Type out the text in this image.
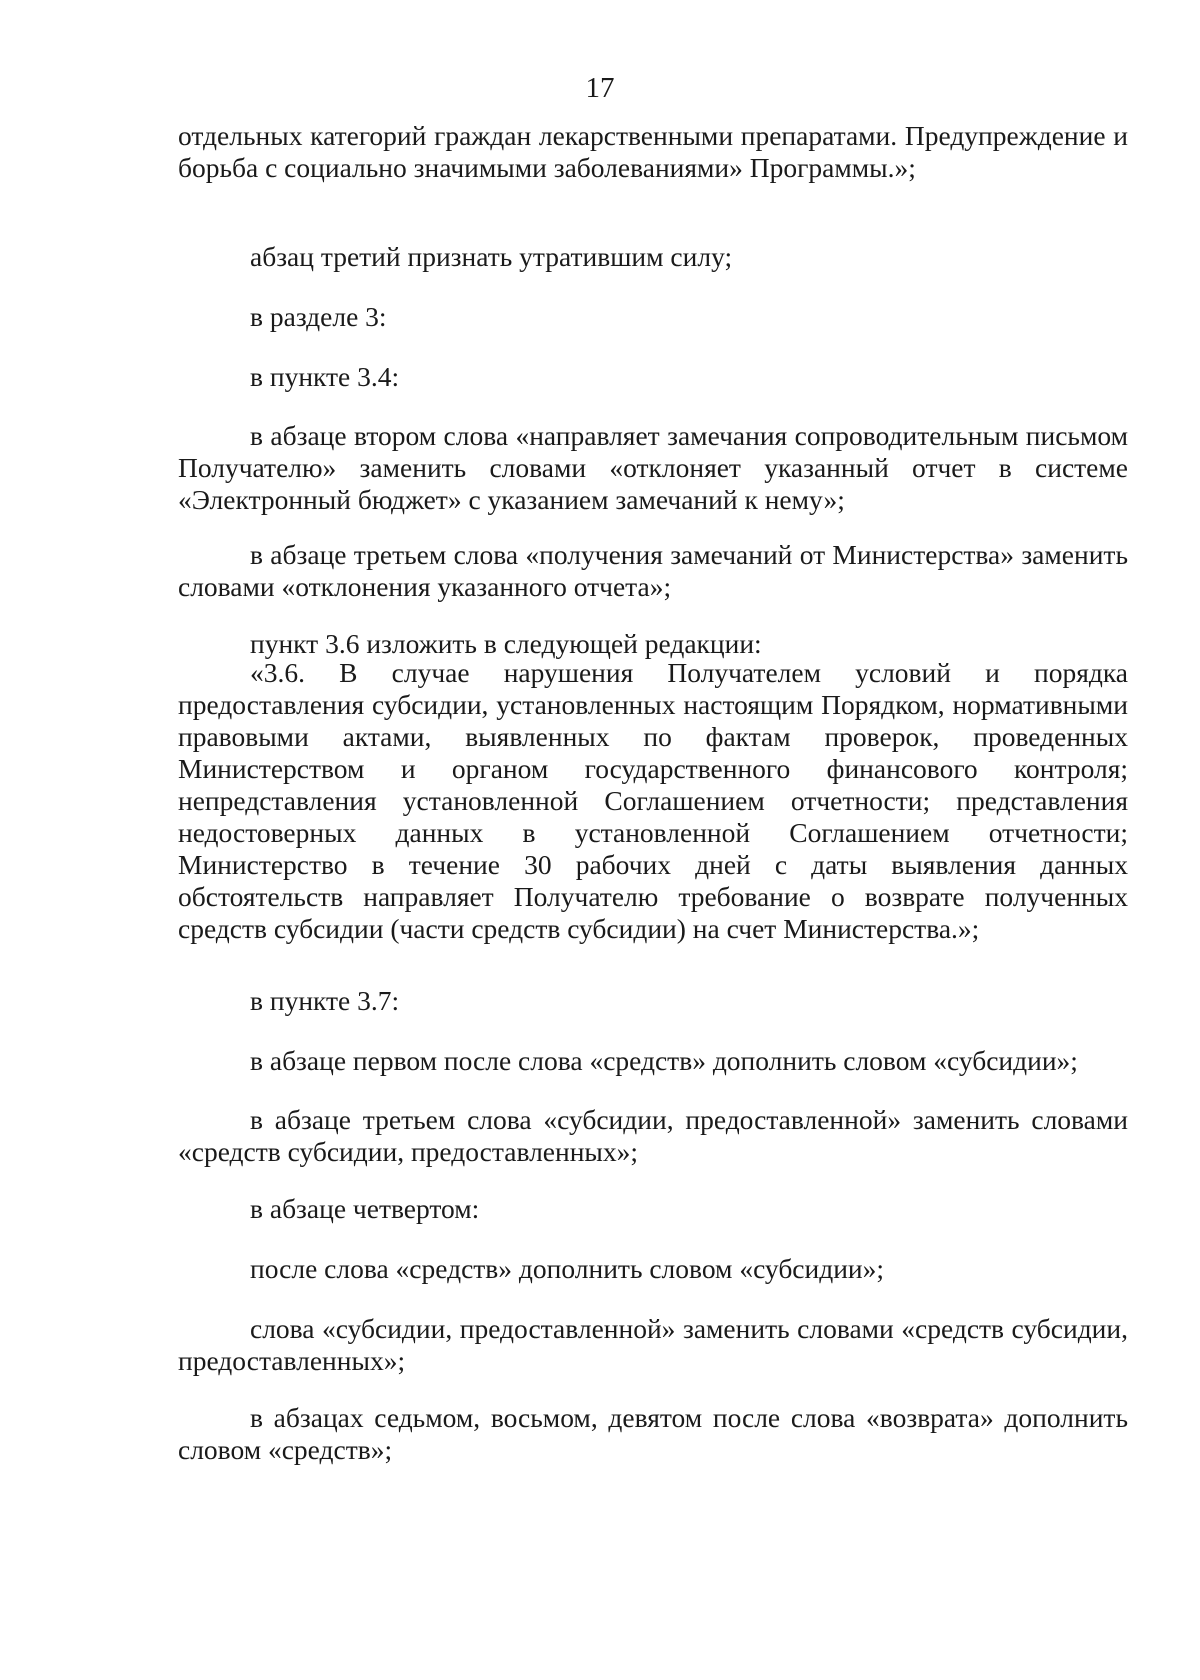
17

отдельных категорий граждан лекарственными препаратами. Предупреждение и борьба с социально значимыми заболеваниями» Программы.»;

абзац третий признать утратившим силу;

в разделе 3:

в пункте 3.4:

в абзаце втором слова «направляет замечания сопроводительным письмом Получателю» заменить словами «отклоняет указанный отчет в системе «Электронный бюджет» с указанием замечаний к нему»;

в абзаце третьем слова «получения замечаний от Министерства» заменить словами «отклонения указанного отчета»;

пункт 3.6 изложить в следующей редакции:

«3.6. В случае нарушения Получателем условий и порядка предоставления субсидии, установленных настоящим Порядком, нормативными правовыми актами, выявленных по фактам проверок, проведенных Министерством и органом государственного финансового контроля; непредставления установленной Соглашением отчетности; представления недостоверных данных в установленной Соглашением отчетности; Министерство в течение 30 рабочих дней с даты выявления данных обстоятельств направляет Получателю требование о возврате полученных средств субсидии (части средств субсидии) на счет Министерства.»;

в пункте 3.7:

в абзаце первом после слова «средств» дополнить словом «субсидии»;

в абзаце третьем слова «субсидии, предоставленной» заменить словами «средств субсидии, предоставленных»;

в абзаце четвертом:

после слова «средств» дополнить словом «субсидии»;

слова «субсидии, предоставленной» заменить словами «средств субсидии, предоставленных»;

в абзацах седьмом, восьмом, девятом после слова «возврата» дополнить словом «средств»;
